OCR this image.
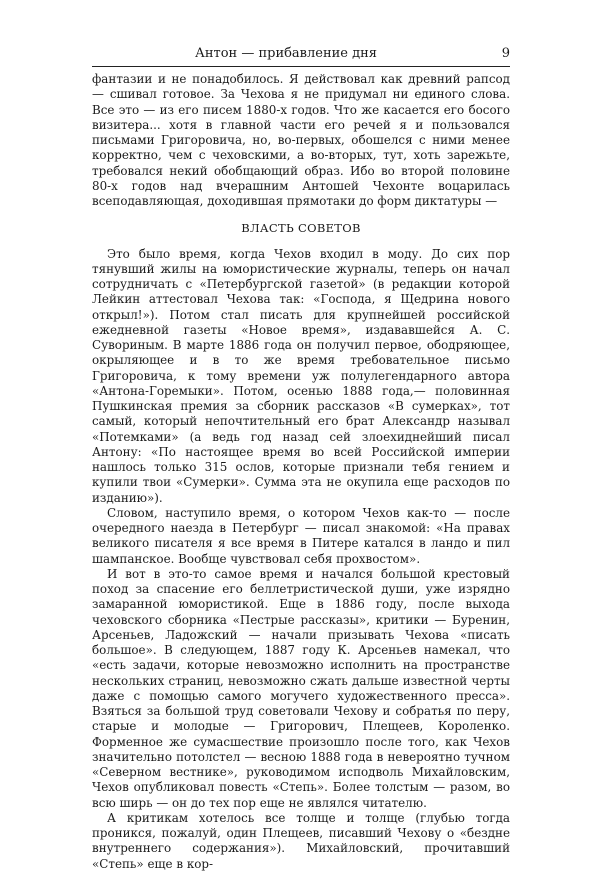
Антон — прибавление дня	9

фантазии и не понадобилось. Я действовал как древний рапсод — сшивал готовое. За Чехова я не придумал ни единого слова. Все это — из его писем 1880-х годов. Что же касается его босого визитера... хотя в главной части его речей я и пользовался письмами Григоровича, но, во-первых, обошелся с ними менее корректно, чем с чеховскими, а во-вторых, тут, хоть зарежьте, требовался некий обобщающий образ. Ибо во второй половине 80-х годов над вчерашним Антошей Чехонте воцарилась всеподавляющая, доходившая прямотаки до форм диктатуры —

ВЛАСТЬ СОВЕТОВ

Это было время, когда Чехов входил в моду. До сих пор тянувший жилы на юмористические журналы, теперь он начал сотрудничать с «Петербургской газетой» (в редакции которой Лейкин аттестовал Чехова так: «Господа, я Щедрина нового открыл!»). Потом стал писать для крупнейшей российской ежедневной газеты «Новое время», издававшейся А. С. Сувориным. В марте 1886 года он получил первое, ободряющее, окрыляющее и в то же время требовательное письмо Григоровича, к тому времени уж полулегендарного автора «Антона-Горемыки». Потом, осенью 1888 года,— половинная Пушкинская премия за сборник рассказов «В сумерках», тот самый, который непочтительный его брат Александр называл «Потемками» (а ведь год назад сей злоехиднейший писал Антону: «По настоящее время во всей Российской империи нашлось только 315 ослов, которые признали тебя гением и купили твои «Сумерки». Сумма эта не окупила еще расходов по изданию»).

Словом, наступило время, о котором Чехов как-то — после очередного наезда в Петербург — писал знакомой: «На правах великого писателя я все время в Питере катался в ландо и пил шампанское. Вообще чувствовал себя прохвостом».

И вот в это-то самое время и начался большой крестовый поход за спасение его беллетристической души, уже изрядно замаранной юмористикой. Еще в 1886 году, после выхода чеховского сборника «Пестрые рассказы», критики — Буренин, Арсеньев, Ладожский — начали призывать Чехова «писать большое». В следующем, 1887 году К. Арсеньев намекал, что «есть задачи, которые невозможно исполнить на пространстве нескольких страниц, невозможно сжать дальше известной черты даже с помощью самого могучего художественного пресса». Взяться за большой труд советовали Чехову и собратья по перу, старые и молодые — Григорович, Плещеев, Короленко. Форменное же сумасшествие произошло после того, как Чехов значительно потолстел — весною 1888 года в невероятно тучном «Северном вестнике», руководимом исподволь Михайловским, Чехов опубликовал повесть «Степь». Более толстым — разом, во всю ширь — он до тех пор еще не являлся читателю.

А критикам хотелось все толще и толще (глубью тогда проникся, пожалуй, один Плещеев, писавший Чехову о «бездне внутреннего содержания»). Михайловский, прочитавший «Степь» еще в кор-
